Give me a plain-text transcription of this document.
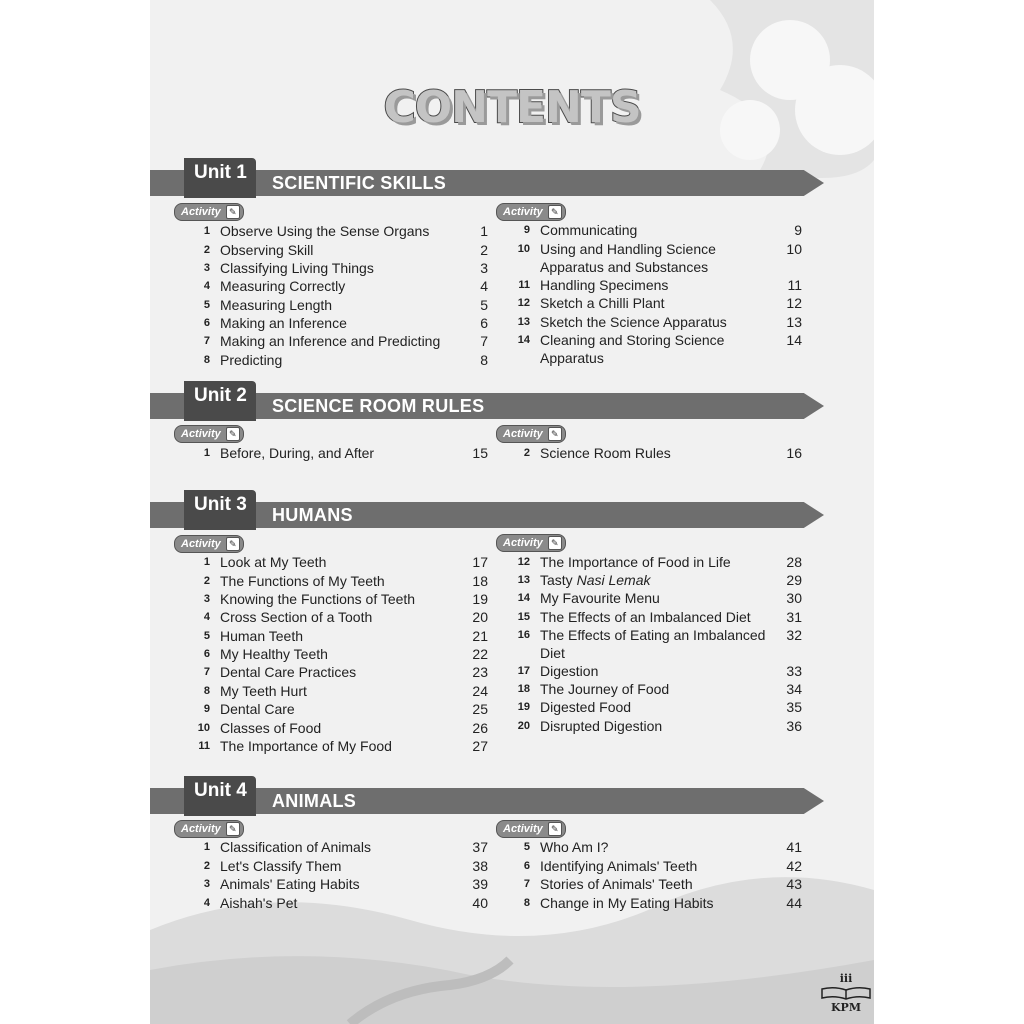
CONTENTS
Unit 1 SCIENTIFIC SKILLS
Activity ✎	Activity ✎
1 Observe Using the Sense Organs	1
2 Observing Skill	2
3 Classifying Living Things	3
4 Measuring Correctly	4
5 Measuring Length	5
6 Making an Inference	6
7 Making an Inference and Predicting	7
8 Predicting	8
9 Communicating	9
10 Using and Handling Science	10
Apparatus and Substances
11 Handling Specimens	11
12 Sketch a Chilli Plant	12
13 Sketch the Science Apparatus	13
14 Cleaning and Storing Science	14
Apparatus
Unit 2 SCIENCE ROOM RULES
Activity ✎	Activity ✎
1 Before, During, and After	15	2 Science Room Rules	16
Unit 3 HUMANS
Activity ✎	Activity ✎
1 Look at My Teeth	17
2 The Functions of My Teeth	18
3 Knowing the Functions of Teeth	19
4 Cross Section of a Tooth	20
5 Human Teeth	21
6 My Healthy Teeth	22
7 Dental Care Practices	23
8 My Teeth Hurt	24
9 Dental Care	25
10 Classes of Food	26
11 The Importance of My Food	27
12 The Importance of Food in Life	28
13 Tasty Nasi Lemak	29
14 My Favourite Menu	30
15 The Effects of an Imbalanced Diet	31
16 The Effects of Eating an Imbalanced	32
Diet
17 Digestion	33
18 The Journey of Food	34
19 Digested Food	35
20 Disrupted Digestion	36
Unit 4 ANIMALS
Activity ✎	Activity ✎
1 Classification of Animals	37
2 Let's Classify Them	38
3 Animals' Eating Habits	39
4 Aishah's Pet	40
5 Who Am I?	41
6 Identifying Animals' Teeth	42
7 Stories of Animals' Teeth	43
8 Change in My Eating Habits	44
iii
KPM
